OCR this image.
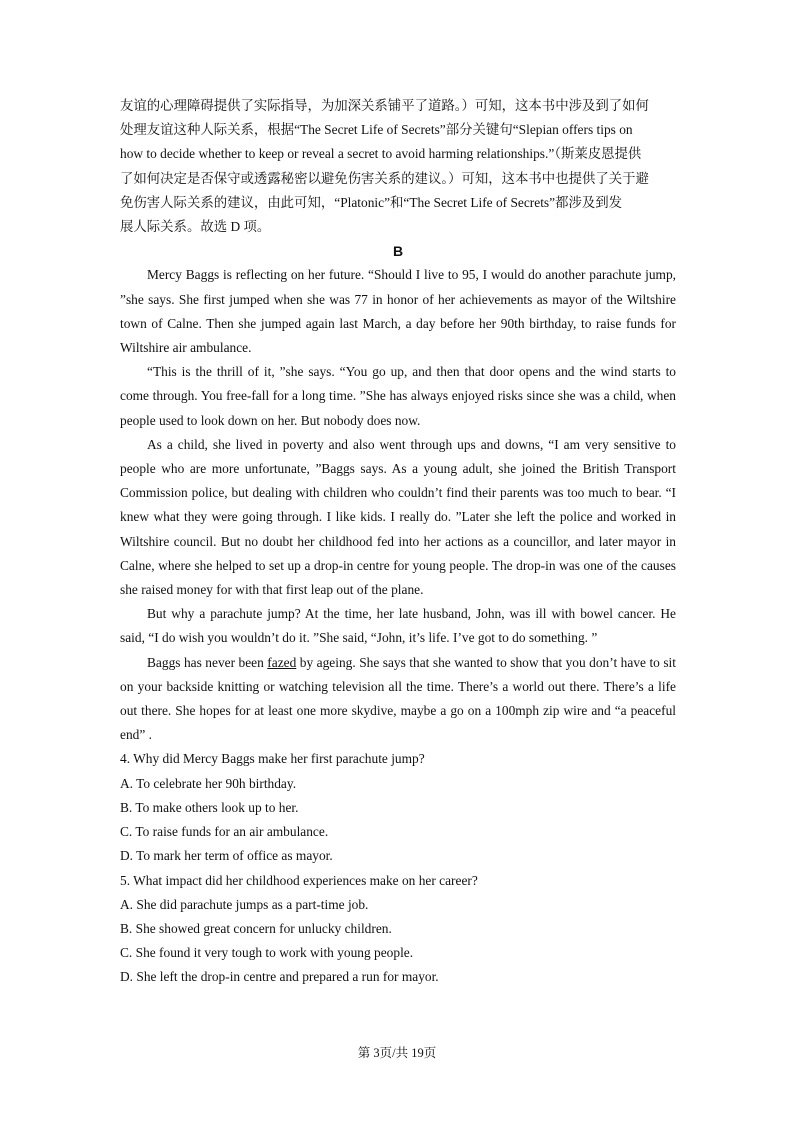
友谊的心理障碍提供了实际指导，为加深关系铺平了道路。）可知，这本书中涉及到了如何

处理友谊这种人际关系，根据“The Secret Life of Secrets”部分关键句“Slepian offers tips on

how to decide whether to keep or reveal a secret to avoid harming relationships.”（斯莱皮恩提供

了如何决定是否保守或透露秘密以避免伤害关系的建议。）可知，这本书中也提供了关于避

免伤害人际关系的建议，由此可知，“Platonic”和“The Secret Life of Secrets”都涉及到发

展人际关系。故选 D 项。

B

Mercy Baggs is reflecting on her future. “Should I live to 95, I would do another parachute jump, ”she says. She first jumped when she was 77 in honor of her achievements as mayor of the Wiltshire town of Calne. Then she jumped again last March, a day before her 90th birthday, to raise funds for Wiltshire air ambulance.

“This is the thrill of it, ”she says. “You go up, and then that door opens and the wind starts to come through. You free-fall for a long time. ”She has always enjoyed risks since she was a child, when people used to look down on her. But nobody does now.

As a child, she lived in poverty and also went through ups and downs, “I am very sensitive to people who are more unfortunate, ”Baggs says. As a young adult, she joined the British Transport Commission police, but dealing with children who couldn’t find their parents was too much to bear. “I knew what they were going through. I like kids. I really do. ”Later she left the police and worked in Wiltshire council. But no doubt her childhood fed into her actions as a councillor, and later mayor in Calne, where she helped to set up a drop-in centre for young people. The drop-in was one of the causes she raised money for with that first leap out of the plane.

But why a parachute jump? At the time, her late husband, John, was ill with bowel cancer. He said, “I do wish you wouldn’t do it. ”She said, “John, it’s life. I’ve got to do something. ”

Baggs has never been fazed by ageing. She says that she wanted to show that you don’t have to sit on your backside knitting or watching television all the time. There’s a world out there. There’s a life out there. She hopes for at least one more skydive, maybe a go on a 100mph zip wire and “a peaceful end” .

4. Why did Mercy Baggs make her first parachute jump?

A. To celebrate her 90h birthday.

B. To make others look up to her.

C. To raise funds for an air ambulance.

D. To mark her term of office as mayor.

5. What impact did her childhood experiences make on her career?

A. She did parachute jumps as a part-time job.

B. She showed great concern for unlucky children.

C. She found it very tough to work with young people.

D. She left the drop-in centre and prepared a run for mayor.

第 3页/共 19页
